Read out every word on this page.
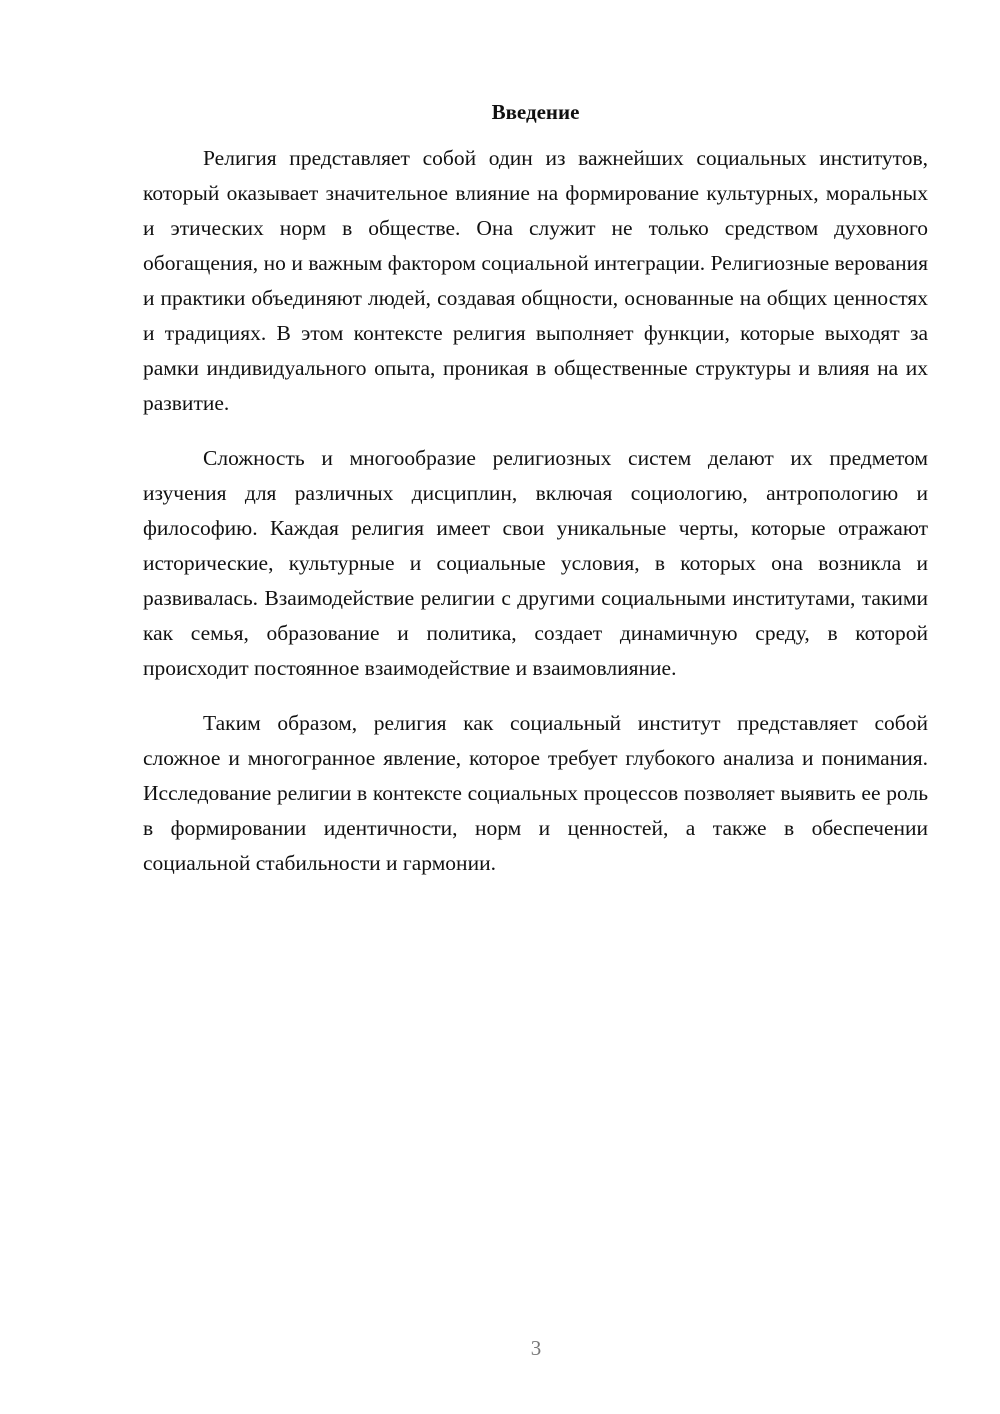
Введение

Религия представляет собой один из важнейших социальных институтов, который оказывает значительное влияние на формирование культурных, моральных и этических норм в обществе. Она служит не только средством духовного обогащения, но и важным фактором социальной интеграции. Религиозные верования и практики объединяют людей, создавая общности, основанные на общих ценностях и традициях. В этом контексте религия выполняет функции, которые выходят за рамки индивидуального опыта, проникая в общественные структуры и влияя на их развитие.

Сложность и многообразие религиозных систем делают их предметом изучения для различных дисциплин, включая социологию, антропологию и философию. Каждая религия имеет свои уникальные черты, которые отражают исторические, культурные и социальные условия, в которых она возникла и развивалась. Взаимодействие религии с другими социальными институтами, такими как семья, образование и политика, создает динамичную среду, в которой происходит постоянное взаимодействие и взаимовлияние.

Таким образом, религия как социальный институт представляет собой сложное и многогранное явление, которое требует глубокого анализа и понимания. Исследование религии в контексте социальных процессов позволяет выявить ее роль в формировании идентичности, норм и ценностей, а также в обеспечении социальной стабильности и гармонии.

3
